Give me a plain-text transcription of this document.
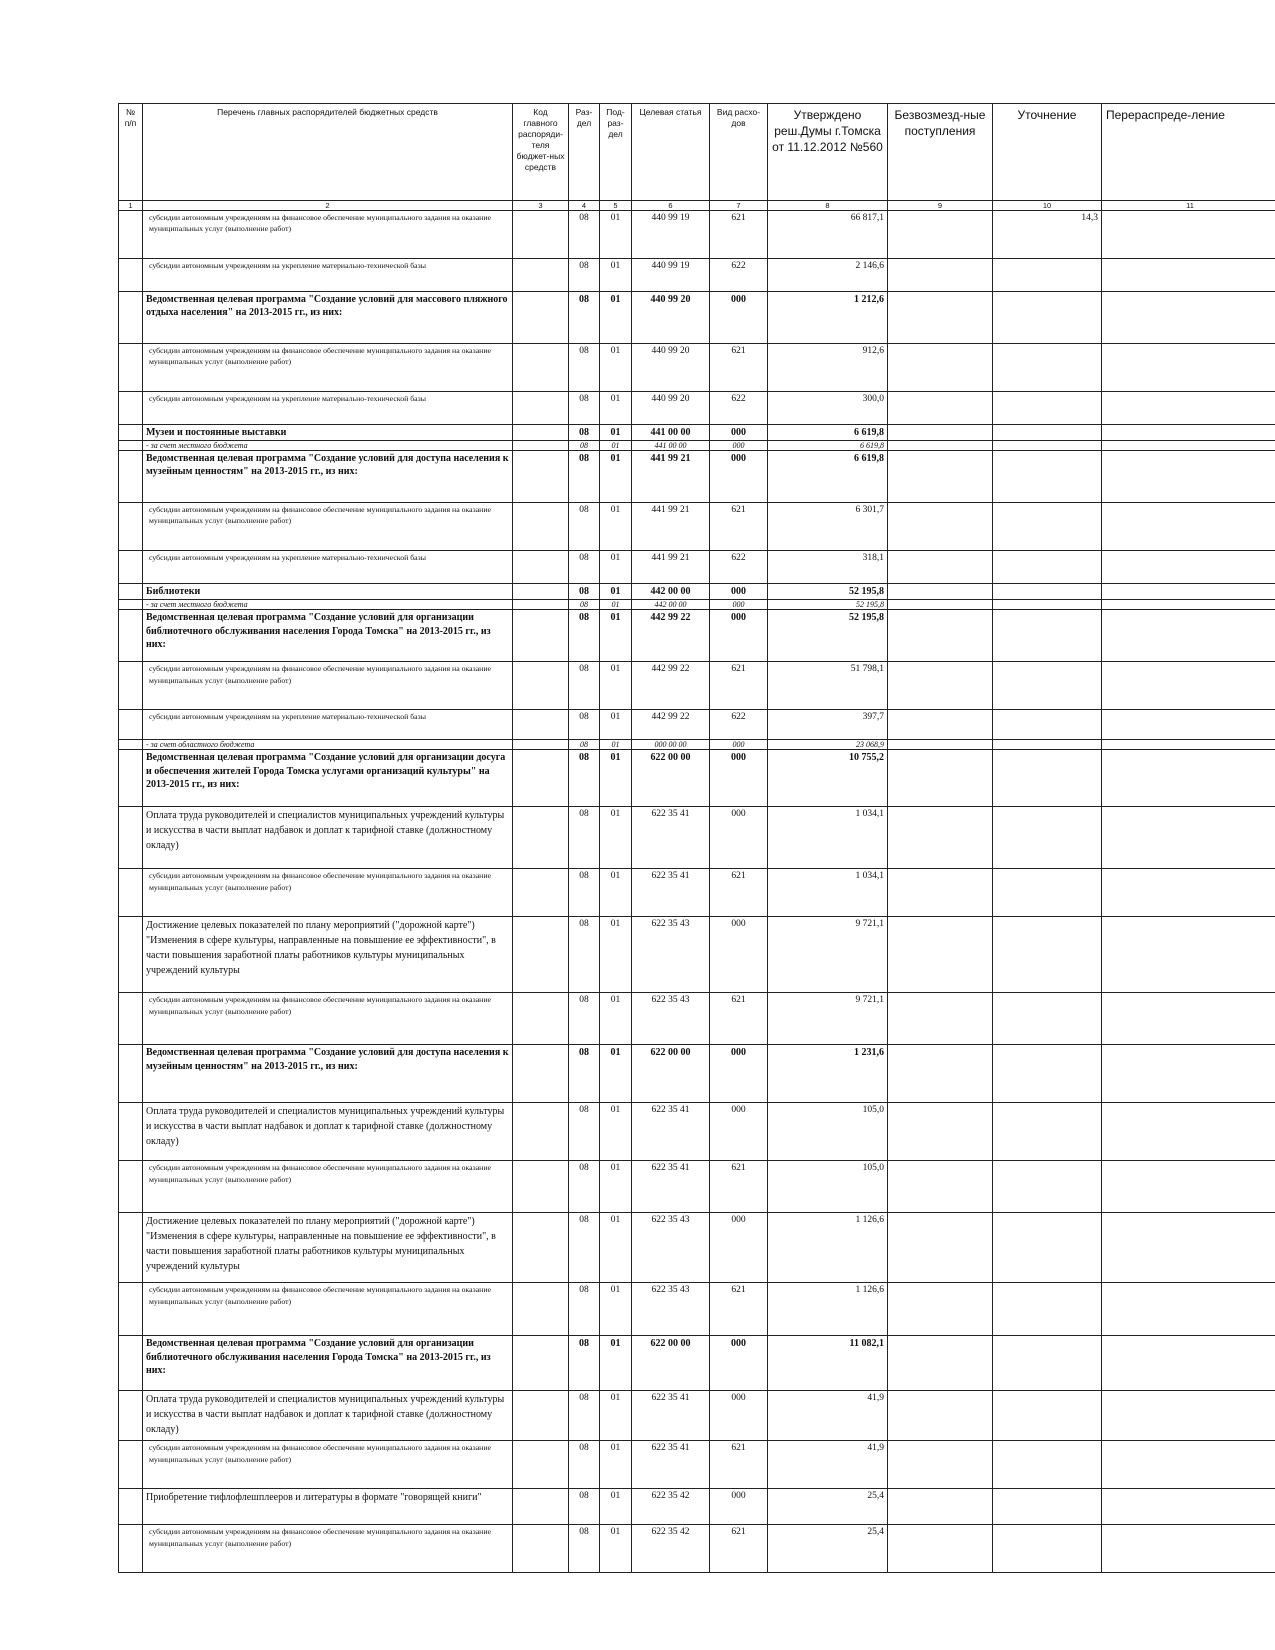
№ п/п	Перечень главных распорядителей бюджетных средств	Код главного распоряди-теля бюджет-ных средств	Раз-дел	Под-раз-дел	Целевая статья	Вид расхо-дов	Утверждено реш.Думы г.Томска от 11.12.2012 №560	Безвозмезд-ные поступления	Уточнение	Перераспреде-ление
1	2	3	4	5	6	7	8	9	10	11
	субсидии автономным учреждениям на финансовое обеспечение муниципального задания на оказание муниципальных услуг (выполнение работ)		08	01	440 99 19	621	66 817,1		14,3	
	субсидии автономным учреждениям на укрепление материально-технической базы		08	01	440 99 19	622	2 146,6			
	Ведомственная целевая программа "Создание условий для массового пляжного отдыха населения" на 2013-2015 гг., из них:		08	01	440 99 20	000	1 212,6			
	субсидии автономным учреждениям на финансовое обеспечение муниципального задания на оказание муниципальных услуг (выполнение работ)		08	01	440 99 20	621	912,6			
	субсидии автономным учреждениям на укрепление материально-технической базы		08	01	440 99 20	622	300,0			
	Музеи и постоянные выставки		08	01	441 00 00	000	6 619,8			
	- за счет местного бюджета		08	01	441 00 00	000	6 619,8			
	Ведомственная целевая программа "Создание условий для доступа населения к музейным ценностям" на 2013-2015 гг., из них:		08	01	441 99 21	000	6 619,8			
	субсидии автономным учреждениям на финансовое обеспечение муниципального задания на оказание муниципальных услуг (выполнение работ)		08	01	441 99 21	621	6 301,7			
	субсидии автономным учреждениям на укрепление материально-технической базы		08	01	441 99 21	622	318,1			
	Библиотеки		08	01	442 00 00	000	52 195,8			
	- за счет местного бюджета		08	01	442 00 00	000	52 195,8			
	Ведомственная целевая программа "Создание условий для организации библиотечного обслуживания населения Города Томска" на 2013-2015 гг., из них:		08	01	442 99 22	000	52 195,8			
	субсидии автономным учреждениям на финансовое обеспечение муниципального задания на оказание муниципальных услуг (выполнение работ)		08	01	442 99 22	621	51 798,1			
	субсидии автономным учреждениям на укрепление материально-технической базы		08	01	442 99 22	622	397,7			
	- за счет областного бюджета		08	01	000 00 00	000	23 068,9			
	Ведомственная целевая программа "Создание условий для организации досуга и обеспечения жителей Города Томска услугами организаций культуры" на 2013-2015 гг., из них:		08	01	622 00 00	000	10 755,2			
	Оплата труда руководителей и специалистов муниципальных учреждений культуры и искусства в части выплат надбавок и доплат к тарифной ставке (должностному окладу)		08	01	622 35 41	000	1 034,1			
	субсидии автономным учреждениям на финансовое обеспечение муниципального задания на оказание муниципальных услуг (выполнение работ)		08	01	622 35 41	621	1 034,1			
	Достижение целевых показателей по плану мероприятий ("дорожной карте") "Изменения в сфере культуры, направленные на повышение ее эффективности", в части повышения заработной платы работников культуры муниципальных учреждений культуры		08	01	622 35 43	000	9 721,1			
	субсидии автономным учреждениям на финансовое обеспечение муниципального задания на оказание муниципальных услуг (выполнение работ)		08	01	622 35 43	621	9 721,1			
	Ведомственная целевая программа "Создание условий для доступа населения к музейным ценностям" на 2013-2015 гг., из них:		08	01	622 00 00	000	1 231,6			
	Оплата труда руководителей и специалистов муниципальных учреждений культуры и искусства в части выплат надбавок и доплат к тарифной ставке (должностному окладу)		08	01	622 35 41	000	105,0			
	субсидии автономным учреждениям на финансовое обеспечение муниципального задания на оказание муниципальных услуг (выполнение работ)		08	01	622 35 41	621	105,0			
	Достижение целевых показателей по плану мероприятий ("дорожной карте") "Изменения в сфере культуры, направленные на повышение ее эффективности", в части повышения заработной платы работников культуры муниципальных учреждений культуры		08	01	622 35 43	000	1 126,6			
	субсидии автономным учреждениям на финансовое обеспечение муниципального задания на оказание муниципальных услуг (выполнение работ)		08	01	622 35 43	621	1 126,6			
	Ведомственная целевая программа "Создание условий для организации библиотечного обслуживания населения Города Томска" на 2013-2015 гг., из них:		08	01	622 00 00	000	11 082,1			
	Оплата труда руководителей и специалистов муниципальных учреждений культуры и искусства в части выплат надбавок и доплат к тарифной ставке (должностному окладу)		08	01	622 35 41	000	41,9			
	субсидии автономным учреждениям на финансовое обеспечение муниципального задания на оказание муниципальных услуг (выполнение работ)		08	01	622 35 41	621	41,9			
	Приобретение тифлофлешплееров и литературы в формате "говорящей книги"		08	01	622 35 42	000	25,4			
	субсидии автономным учреждениям на финансовое обеспечение муниципального задания на оказание муниципальных услуг (выполнение работ)		08	01	622 35 42	621	25,4			
